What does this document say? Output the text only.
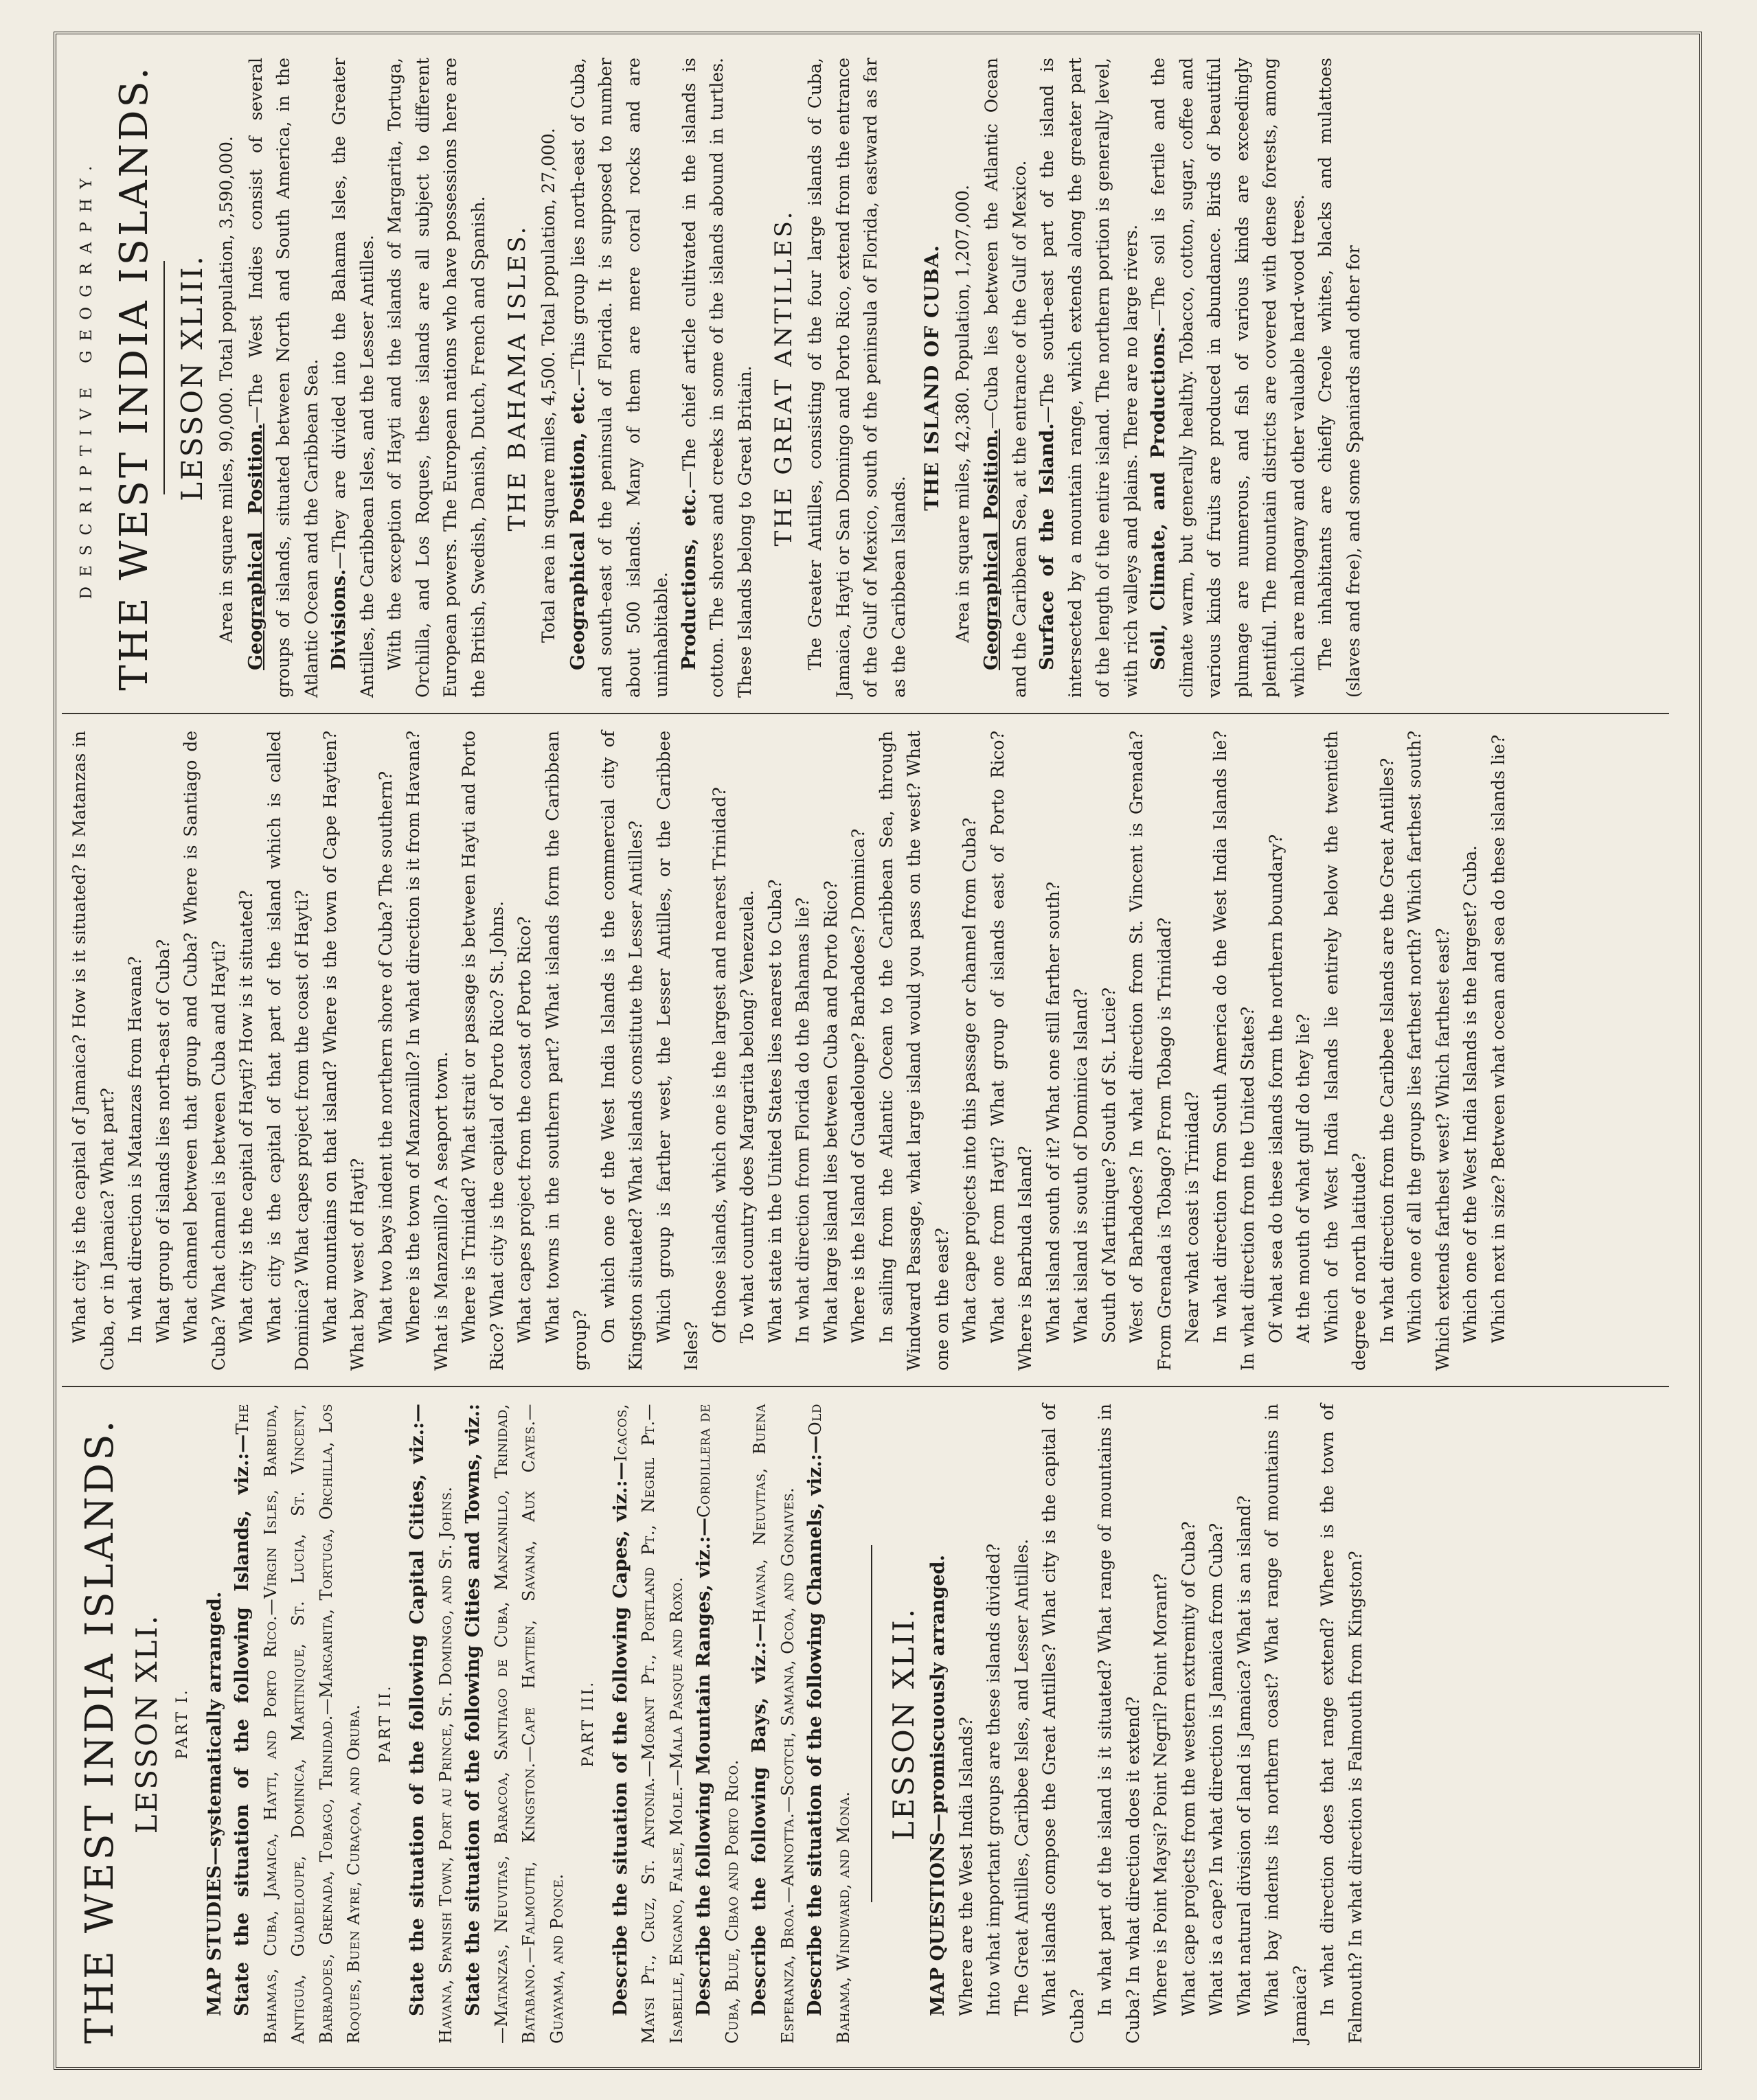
THE WEST INDIA ISLANDS. LESSON XLI. PART I. MAP STUDIES—systematically arranged. State the situation of the following Islands, viz.:—The Bahamas, Cuba, Jamaica, Hayti, and Porto Rico.—Virgin Isles, Barbuda, Antigua, Guadeloupe, Dominica, Martinique, St. Lucia, St. Vincent, Barbadoes, Grenada, Tobago, Trinidad.—Margarita, Tortuga, Orchilla, Los Roques, Buen Ayre, Curaçoa, and Oruba. PART II. State the situation of the following Capital Cities, viz.:— Havana, Spanish Town, Port au Prince, St. Domingo, and St. Johns. State the situation of the following Cities and Towns, viz.: —Matanzas, Neuvitas, Baracoa, Santiago de Cuba, Manzanillo, Trinidad, Batabano.—Falmouth, Kingston.—Cape Haytien, Savana, Aux Cayes.—Guayama, and Ponce.

PART III. Describe the situation of the following Capes, viz.:—Icacos, Maysi Pt., Cruz, St. Antonia.—Morant Pt., Portland Pt., Negril Pt.—Isabelle, Engano, False, Mole.—Mala Pasque and Roxo. Describe the following Mountain Ranges, viz.:—Cordillera de Cuba, Blue, Cibao and Porto Rico. Describe the following Bays, viz.:—Havana, Neuvitas, Buena Esperanza, Broa.—Annotta.—Scotch, Samana, Ocoa, and Gonaives. Describe the situation of the following Channels, viz.:—Old Bahama, Windward, and Mona.

LESSON XLII. MAP QUESTIONS—promiscuously arranged. Where are the West India Islands? Into what important groups are these islands divided? The Great Antilles, Caribbee Isles, and Lesser Antilles. What islands compose the Great Antilles? What city is the capital of Cuba?

In what part of the island is it situated? What range of mountains in Cuba? In what direction does it extend? Where is Point Maysi? Point Negril? Point Morant? What cape projects from the western extremity of Cuba? What is a cape? In what direction is Jamaica from Cuba? What natural division of land is Jamaica? What is an island? What bay indents its northern coast? What range of mountains in Jamaica? In what direction does that range extend? Where is the town of Falmouth? In what direction is Falmouth from Kingston?

What city is the capital of Jamaica? How is it situated? Is Matanzas in Cuba, or in Jamaica? What part? In what direction is Matanzas from Havana? What group of islands lies north-east of Cuba? What channel between that group and Cuba? Where is Santiago de Cuba? What channel is between Cuba and Hayti? What city is the capital of Hayti? How is it situated? What city is the capital of that part of the island which is called Dominica? What capes project from the coast of Hayti? What mountains on that island? Where is the town of Cape Haytien? What bay west of Hayti? What two bays indent the northern shore of Cuba? The southern? Where is the town of Manzanillo? In what direction is it from Havana? What is Manzanillo? A seaport town. Where is Trinidad? What strait or passage is between Hayti and Porto Rico? What city is the capital of Porto Rico? St. Johns. What capes project from the coast of Porto Rico? What towns in the southern part? What islands form the Caribbean group? On which one of the West India Islands is the commercial city of Kingston situated? What islands constitute the Lesser Antilles? Which group is farther west, the Lesser Antilles, or the Caribbee Isles?

Of those islands, which one is the largest and nearest Trinidad? To what country does Margarita belong? Venezuela. What state in the United States lies nearest to Cuba? In what direction from Florida do the Bahamas lie? What large island lies between Cuba and Porto Rico? Where is the Island of Guadeloupe? Barbadoes? Dominica? In sailing from the Atlantic Ocean to the Caribbean Sea, through Windward Passage, what large island would you pass on the west? What one on the east? What cape projects into this passage or channel from Cuba? What one from Hayti? What group of islands east of Porto Rico? Where is Barbuda Island? What island south of it? What one still farther south? What island is south of Dominica Island? South of Martinique? South of St. Lucie? West of Barbadoes? In what direction from St. Vincent is Grenada? From Grenada is Tobago? From Tobago is Trinidad? Near what coast is Trinidad? In what direction from South America do the West India Islands lie? In what direction from the United States? Of what sea do these islands form the northern boundary? At the mouth of what gulf do they lie? Which of the West India Islands lie entirely below the twentieth degree of north latitude? In what direction from the Caribbee Islands are the Great Antilles? Which one of all the groups lies farthest north? Which farthest south? Which extends farthest west? Which farthest east? Which one of the West India Islands is the largest? Cuba. Which next in size? Between what ocean and sea do these islands lie?

DESCRIPTIVE GEOGRAPHY. THE WEST INDIA ISLANDS. LESSON XLIII. Area in square miles, 90,000. Total population, 3,590,000. Geographical Position.—The West Indies consist of several groups of islands, situated between North and South America, in the Atlantic Ocean and the Caribbean Sea. Divisions.—They are divided into the Bahama Isles, the Greater Antilles, the Caribbean Isles, and the Lesser Antilles. With the exception of Hayti and the islands of Margarita, Tortuga, Orchilla, and Los Roques, these islands are all subject to different European powers. The European nations who have possessions here are the British, Swedish, Danish, Dutch, French and Spanish. THE BAHAMA ISLES. Total area in square miles, 4,500. Total population, 27,000. Geographical Position, etc.—This group lies north-east of Cuba, and south-east of the peninsula of Florida. It is supposed to number about 500 islands. Many of them are mere coral rocks and are uninhabitable. Productions, etc.—The chief article cultivated in the islands is cotton. The shores and creeks in some of the islands abound in turtles. These Islands belong to Great Britain. THE GREAT ANTILLES. The Greater Antilles, consisting of the four large islands of Cuba, Jamaica, Hayti or San Domingo and Porto Rico, extend from the entrance of the Gulf of Mexico, south of the peninsula of Florida, eastward as far as the Caribbean Islands.

THE ISLAND OF CUBA. Area in square miles, 42,380. Population, 1,207,000. Geographical Position.—Cuba lies between the Atlantic Ocean and the Caribbean Sea, at the entrance of the Gulf of Mexico. Surface of the Island.—The south-east part of the island is intersected by a mountain range, which extends along the greater part of the length of the entire island. The northern portion is generally level, with rich valleys and plains. There are no large rivers. Soil, Climate, and Productions.—The soil is fertile and the climate warm, but generally healthy. Tobacco, cotton, sugar, coffee and various kinds of fruits are produced in abundance. Birds of beautiful plumage are numerous, and fish of various kinds are exceedingly plentiful. The mountain districts are covered with dense forests, among which are mahogany and other valuable hard-wood trees. The inhabitants are chiefly Creole whites, blacks and mulattoes (slaves and free), and some Spaniards and other for
